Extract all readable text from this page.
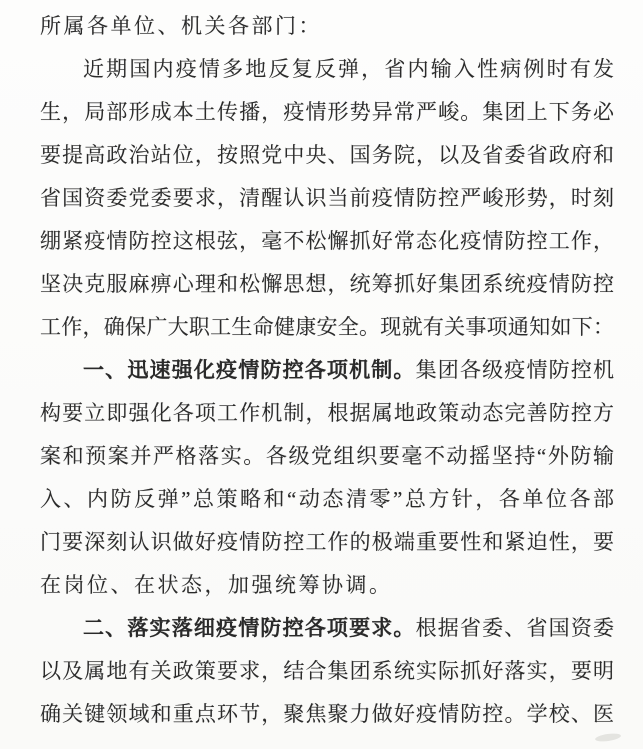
所属各单位、机关各部门：
近期国内疫情多地反复反弹，省内输入性病例时有发
生，局部形成本土传播，疫情形势异常严峻。集团上下务必
要提高政治站位，按照党中央、国务院，以及省委省政府和
省国资委党委要求，清醒认识当前疫情防控严峻形势，时刻
绷紧疫情防控这根弦，毫不松懈抓好常态化疫情防控工作，
坚决克服麻痹心理和松懈思想，统筹抓好集团系统疫情防控
工作，确保广大职工生命健康安全。现就有关事项通知如下：
一、迅速强化疫情防控各项机制。集团各级疫情防控机
构要立即强化各项工作机制，根据属地政策动态完善防控方
案和预案并严格落实。各级党组织要毫不动摇坚持“外防输
入、内防反弹”总策略和“动态清零”总方针，各单位各部
门要深刻认识做好疫情防控工作的极端重要性和紧迫性，要
在岗位、在状态，加强统筹协调。
二、落实落细疫情防控各项要求。根据省委、省国资委
以及属地有关政策要求，结合集团系统实际抓好落实，要明
确关键领域和重点环节，聚焦聚力做好疫情防控。学校、医
